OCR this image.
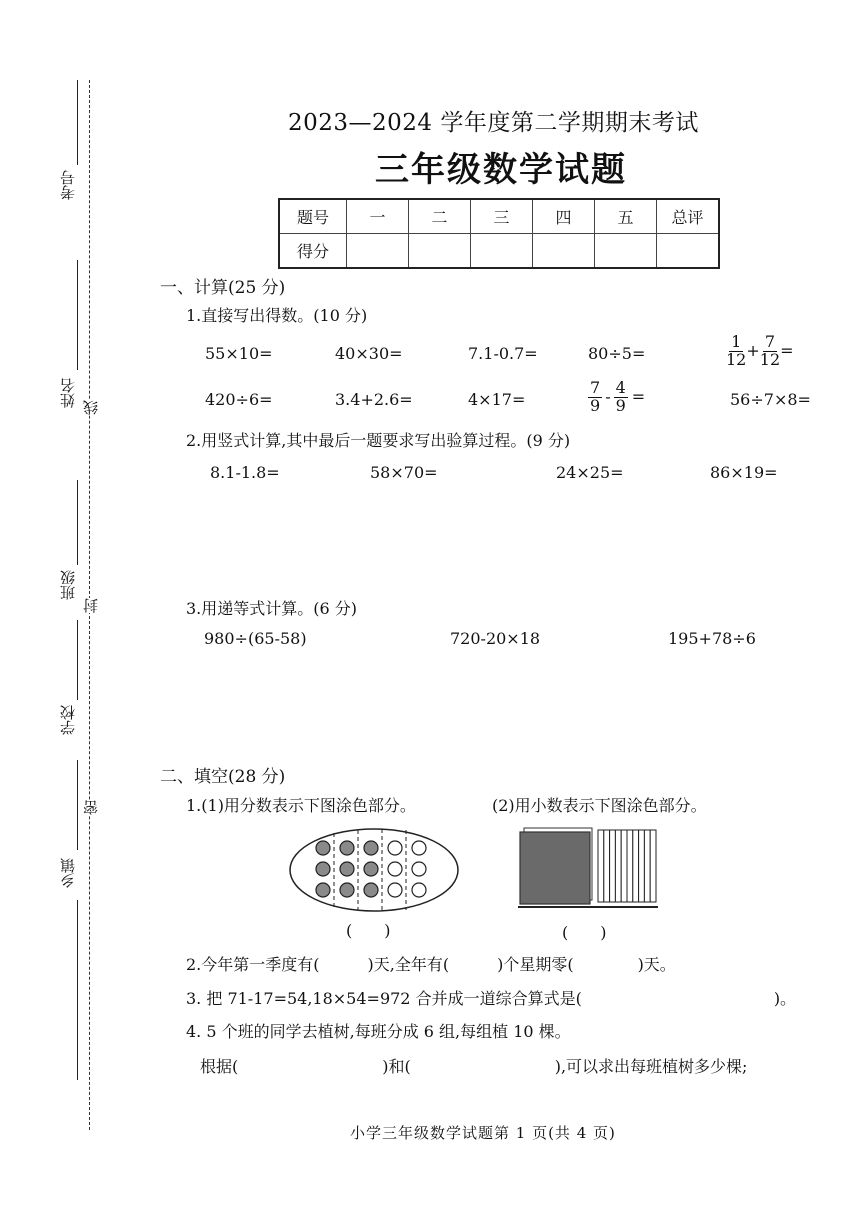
考号
姓名 线
班级
封
学校
密
乡镇
2023—2024 学年度第二学期期末考试
三年级数学试题
题号	一	二	三	四	五	总评
得分						
一、计算(25 分)
1.直接写出得数。(10 分)
55×10=	40×30=	7.1-0.7=	80÷5=	$\frac{1}{12} + \frac{7}{12}$ =
420÷6=	3.4+2.6=	4×17=	$\frac{7}{9} - \frac{4}{9}$ =	56÷7×8=
2.用竖式计算,其中最后一题要求写出验算过程。(9 分)
8.1-1.8=	58×70=	24×25=	86×19=
3.用递等式计算。(6 分)
980÷(65-58)	720-20×18	195+78÷6
二、填空(28 分)
1.(1)用分数表示下图涂色部分。	(2)用小数表示下图涂色部分。
(　　)	(　　)
2.今年第一季度有(　　　)天,全年有(　　　)个星期零(　　　　)天。
3. 把 71-17=54,18×54=972 合并成一道综合算式是(　　　　　　　　　　　　)。
4. 5 个班的同学去植树,每班分成 6 组,每组植 10 棵。
根据(　　　　　　　　　)和(　　　　　　　　　),可以求出每班植树多少棵;
小学三年级数学试题第 1 页(共 4 页)
